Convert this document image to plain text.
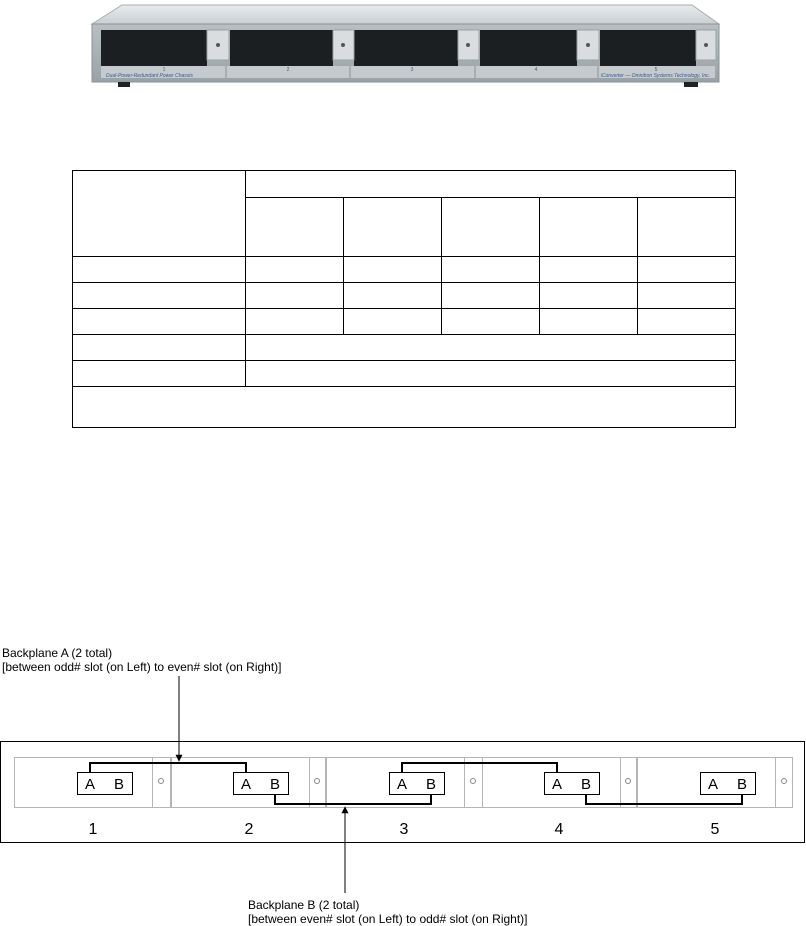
1	2	3	4	5
Dual-Power-Redundant Power Chassis	iConverter — Omnitron Systems Technology, Inc.

Backplane A (2 total)
[between odd# slot (on Left) to even# slot (on Right)]
Backplane B (2 total)
[between even# slot (on Left) to odd# slot (on Right)]
A B	A B	A B	A B	A B
1	2	3	4	5
